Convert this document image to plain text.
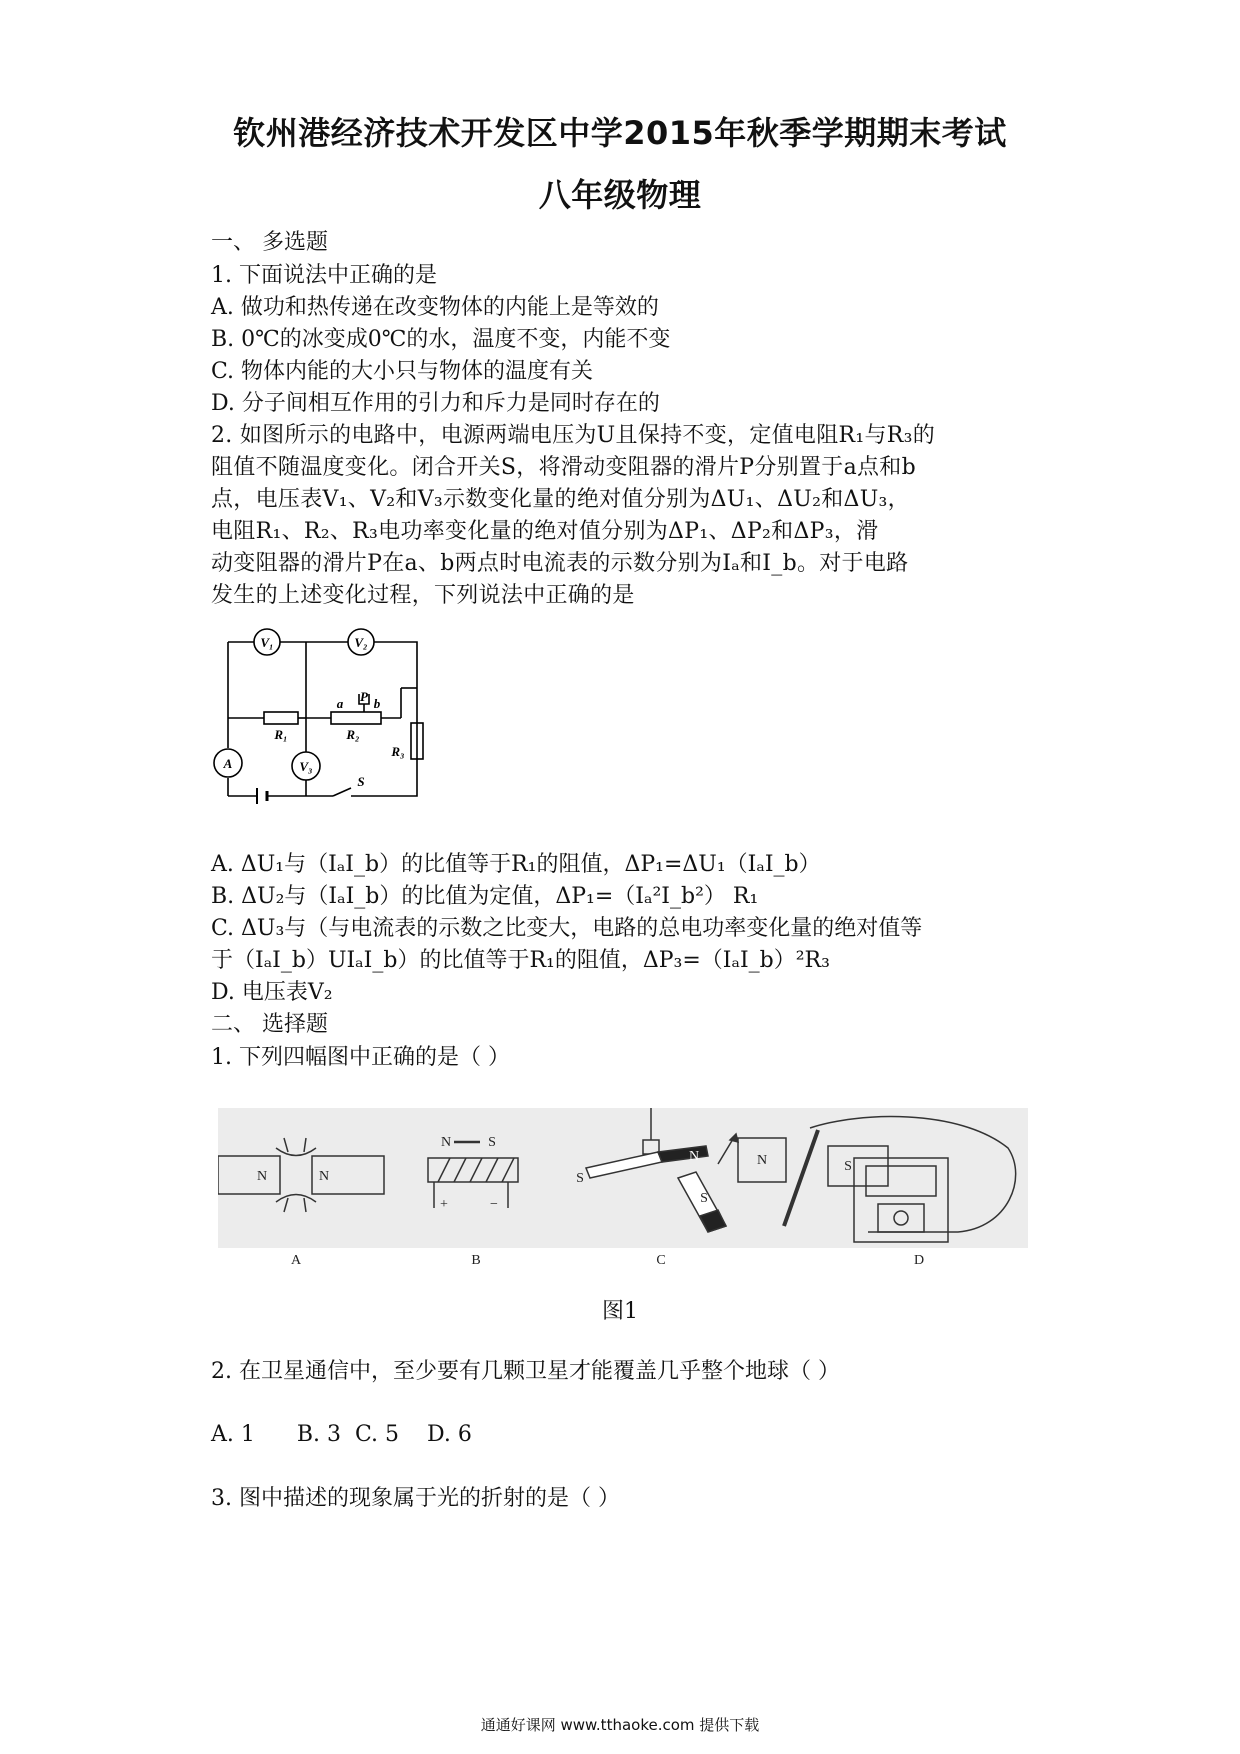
钦州港经济技术开发区中学2015年秋季学期期末考试
八年级物理
一、 多选题
1. 下面说法中正确的是
A. 做功和热传递在改变物体的内能上是等效的
B. 0℃的冰变成0℃的水，温度不变，内能不变
C. 物体内能的大小只与物体的温度有关
D. 分子间相互作用的引力和斥力是同时存在的
2. 如图所示的电路中，电源两端电压为U且保持不变，定值电阻R₁与R₃的
阻值不随温度变化。闭合开关S，将滑动变阻器的滑片P分别置于a点和b
点，电压表V₁、V₂和V₃示数变化量的绝对值分别为ΔU₁、ΔU₂和ΔU₃，
电阻R₁、R₂、R₃电功率变化量的绝对值分别为ΔP₁、ΔP₂和ΔP₃，滑
动变阻器的滑片P在a、b两点时电流表的示数分别为Iₐ和I_b。对于电路
发生的上述变化过程，下列说法中正确的是
V₁	V₂
A	V₃
R₁	R₂
R₃
a b
P
S
A. ΔU₁与（IₐI_b）的比值等于R₁的阻值，ΔP₁=ΔU₁（IₐI_b）
B. ΔU₂与（IₐI_b）的比值为定值，ΔP₁=（Iₐ²I_b²） R₁
C. ΔU₃与（与电流表的示数之比变大，电路的总电功率变化量的绝对值等
于（IₐI_b）UIₐI_b）的比值等于R₁的阻值，ΔP₃=（IₐI_b）²R₃
D. 电压表V₂
二、 选择题
1. 下列四幅图中正确的是（ ）
N	N
N	S
+	−
S
N
S
N	S
A	B	C	D
图1
2. 在卫星通信中，至少要有几颗卫星才能覆盖几乎整个地球（ ）
A. 1      B. 3  C. 5    D. 6
3. 图中描述的现象属于光的折射的是（ ）
通通好课网 www.tthaoke.com 提供下载
